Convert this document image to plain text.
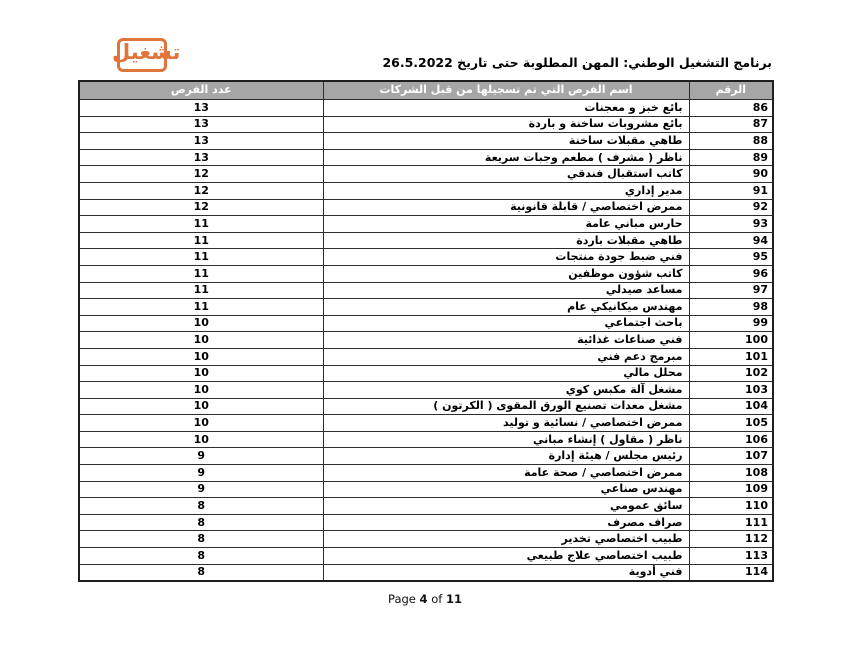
تشغيل	برنامج التشغيل الوطني: المهن المطلوبة حتى تاريخ 26.5.2022
الرقم	اسم الفرص التي تم تسجيلها من قبل الشركات	عدد الفرص
86	بائع خبز و معجنات	13
87	بائع مشروبات ساخنة و باردة	13
88	طاهي مقبلات ساخنة	13
89	ناظر ( مشرف ) مطعم وجبات سريعة	13
90	كاتب استقبال فندقي	12
91	مدير إداري	12
92	ممرض اختصاصي / قابلة قانونية	12
93	حارس مباني عامة	11
94	طاهي مقبلات باردة	11
95	فني ضبط جودة منتجات	11
96	كاتب شؤون موظفين	11
97	مساعد صيدلي	11
98	مهندس ميكانيكي عام	11
99	باحث اجتماعي	10
100	فني صناعات غذائية	10
101	مبرمج دعم فني	10
102	محلل مالي	10
103	مشغل آلة مكبس كوي	10
104	مشغل معدات تصنيع الورق المقوى ( الكرتون )	10
105	ممرض اختصاصي / نسائية و توليد	10
106	ناظر ( مقاول ) إنشاء مباني	10
107	رئيس مجلس / هيئة إدارة	9
108	ممرض اختصاصي / صحة عامة	9
109	مهندس صناعي	9
110	سائق عمومي	8
111	صراف مصرف	8
112	طبيب اختصاصي تخدير	8
113	طبيب اختصاصي علاج طبيعي	8
114	فني أدوية	8
Page 4 of 11
